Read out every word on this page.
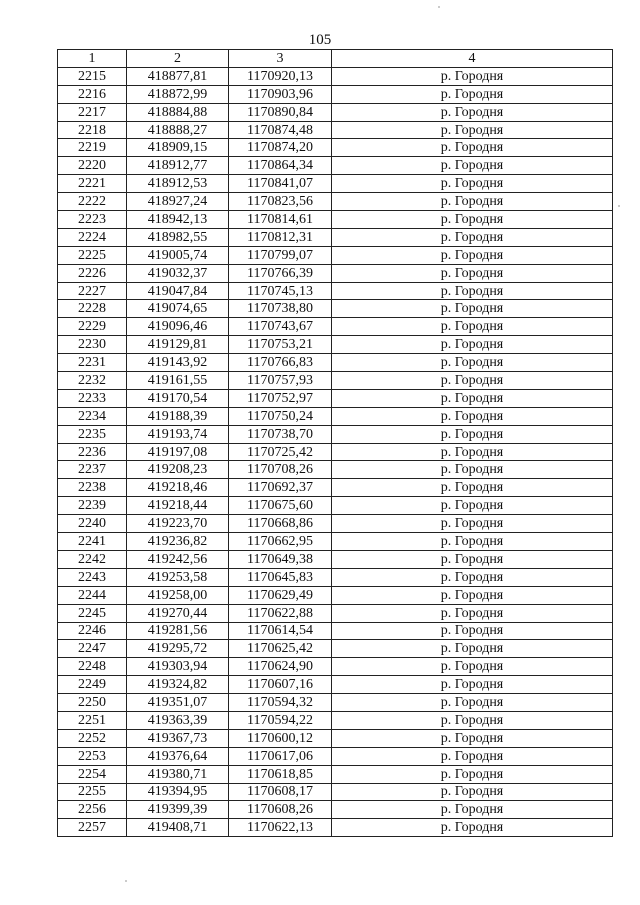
105
1	2	3	4
2215	418877,81	1170920,13	р. Городня
2216	418872,99	1170903,96	р. Городня
2217	418884,88	1170890,84	р. Городня
2218	418888,27	1170874,48	р. Городня
2219	418909,15	1170874,20	р. Городня
2220	418912,77	1170864,34	р. Городня
2221	418912,53	1170841,07	р. Городня
2222	418927,24	1170823,56	р. Городня
2223	418942,13	1170814,61	р. Городня
2224	418982,55	1170812,31	р. Городня
2225	419005,74	1170799,07	р. Городня
2226	419032,37	1170766,39	р. Городня
2227	419047,84	1170745,13	р. Городня
2228	419074,65	1170738,80	р. Городня
2229	419096,46	1170743,67	р. Городня
2230	419129,81	1170753,21	р. Городня
2231	419143,92	1170766,83	р. Городня
2232	419161,55	1170757,93	р. Городня
2233	419170,54	1170752,97	р. Городня
2234	419188,39	1170750,24	р. Городня
2235	419193,74	1170738,70	р. Городня
2236	419197,08	1170725,42	р. Городня
2237	419208,23	1170708,26	р. Городня
2238	419218,46	1170692,37	р. Городня
2239	419218,44	1170675,60	р. Городня
2240	419223,70	1170668,86	р. Городня
2241	419236,82	1170662,95	р. Городня
2242	419242,56	1170649,38	р. Городня
2243	419253,58	1170645,83	р. Городня
2244	419258,00	1170629,49	р. Городня
2245	419270,44	1170622,88	р. Городня
2246	419281,56	1170614,54	р. Городня
2247	419295,72	1170625,42	р. Городня
2248	419303,94	1170624,90	р. Городня
2249	419324,82	1170607,16	р. Городня
2250	419351,07	1170594,32	р. Городня
2251	419363,39	1170594,22	р. Городня
2252	419367,73	1170600,12	р. Городня
2253	419376,64	1170617,06	р. Городня
2254	419380,71	1170618,85	р. Городня
2255	419394,95	1170608,17	р. Городня
2256	419399,39	1170608,26	р. Городня
2257	419408,71	1170622,13	р. Городня
